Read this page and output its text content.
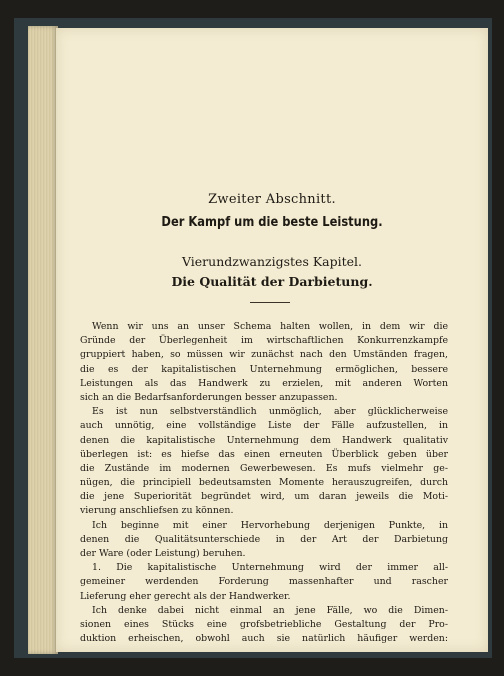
Zweiter Abschnitt.
Der Kampf um die beste Leistung.
Vierundzwanzigstes Kapitel.
Die Qualität der Darbietung.
Wenn wir uns an unser Schema halten wollen, in dem wir die
Gründe der Überlegenheit im wirtschaftlichen Konkurrenzkampfe
gruppiert haben, so müssen wir zunächst nach den Umständen fragen,
die es der kapitalistischen Unternehmung ermöglichen, bessere
Leistungen als das Handwerk zu erzielen, mit anderen Worten
sich an die Bedarfsanforderungen besser anzupassen.
Es ist nun selbstverständlich unmöglich, aber glücklicherweise
auch unnötig, eine vollständige Liste der Fälle aufzustellen, in
denen die kapitalistische Unternehmung dem Handwerk qualitativ
überlegen ist: es hiefse das einen erneuten Überblick geben über
die Zustände im modernen Gewerbewesen. Es mufs vielmehr ge-
nügen, die principiell bedeutsamsten Momente herauszugreifen, durch
die jene Superiorität begründet wird, um daran jeweils die Moti-
vierung anschliefsen zu können.
Ich beginne mit einer Hervorhebung derjenigen Punkte, in
denen die Qualitätsunterschiede in der Art der Darbietung
der Ware (oder Leistung) beruhen.
1. Die kapitalistische Unternehmung wird der immer all-
gemeiner werdenden Forderung massenhafter und rascher
Lieferung eher gerecht als der Handwerker.
Ich denke dabei nicht einmal an jene Fälle, wo die Dimen-
sionen eines Stücks eine grofsbetriebliche Gestaltung der Pro-
duktion erheischen, obwohl auch sie natürlich häufiger werden:
